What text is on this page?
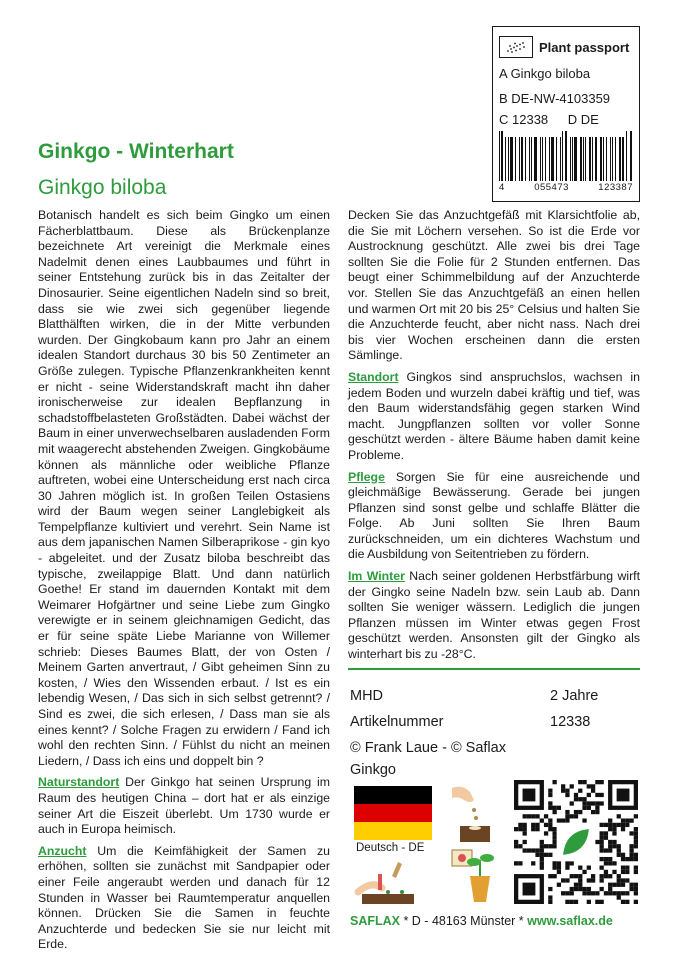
Plant passport
A Ginkgo biloba
B DE-NW-4103359
C 12338 D DE
4	055473	123387
Ginkgo - Winterhart
Ginkgo biloba

Botanisch handelt es sich beim Gingko um einen Fächerblattbaum. Diese als Brückenplanze bezeichnete Art vereinigt die Merkmale eines Nadelmit denen eines Laubbaumes und führt in seiner Entstehung zurück bis in das Zeitalter der Dinosaurier. Seine eigentlichen Nadeln sind so breit, dass sie wie zwei sich gegenüber liegende Blatthälften wirken, die in der Mitte verbunden wurden. Der Gingkobaum kann pro Jahr an einem idealen Standort durchaus 30 bis 50 Zentimeter an Größe zulegen. Typische Pflanzenkrankheiten kennt er nicht - seine Widerstandskraft macht ihn daher ironischerweise zur idealen Bepflanzung in schadstoffbelasteten Großstädten. Dabei wächst der Baum in einer unverwechselbaren ausladenden Form mit waagerecht abstehenden Zweigen. Gingkobäume können als männliche oder weibliche Pflanze auftreten, wobei eine Unterscheidung erst nach circa 30 Jahren möglich ist. In großen Teilen Ostasiens wird der Baum wegen seiner Langlebigkeit als Tempelpflanze kultiviert und verehrt. Sein Name ist aus dem japanischen Namen Silberaprikose - gin kyo - abgeleitet. und der Zusatz biloba beschreibt das typische, zweilappige Blatt. Und dann natürlich Goethe! Er stand im dauernden Kontakt mit dem Weimarer Hofgärtner und seine Liebe zum Gingko verewigte er in seinem gleichnamigen Gedicht, das er für seine späte Liebe Marianne von Willemer schrieb: Dieses Baumes Blatt, der von Osten / Meinem Garten anvertraut, / Gibt geheimen Sinn zu kosten, / Wies den Wissenden erbaut. / Ist es ein lebendig Wesen, / Das sich in sich selbst getrennt? / Sind es zwei, die sich erlesen, / Dass man sie als eines kennt? / Solche Fragen zu erwidern / Fand ich wohl den rechten Sinn. / Fühlst du nicht an meinen Liedern, / Dass ich eins und doppelt bin ?

Naturstandort Der Ginkgo hat seinen Ursprung im Raum des heutigen China – dort hat er als einzige seiner Art die Eiszeit überlebt. Um 1730 wurde er auch in Europa heimisch.

Anzucht Um die Keimfähigkeit der Samen zu erhöhen, sollten sie zunächst mit Sandpapier oder einer Feile angeraubt werden und danach für 12 Stunden in Wasser bei Raumtemperatur anquellen können. Drücken Sie die Samen in feuchte Anzuchterde und bedecken Sie sie nur leicht mit Erde.

Decken Sie das Anzuchtgefäß mit Klarsichtfolie ab, die Sie mit Löchern versehen. So ist die Erde vor Austrocknung geschützt. Alle zwei bis drei Tage sollten Sie die Folie für 2 Stunden entfernen. Das beugt einer Schimmelbildung auf der Anzuchterde vor. Stellen Sie das Anzuchtgefäß an einen hellen und warmen Ort mit 20 bis 25° Celsius und halten Sie die Anzuchterde feucht, aber nicht nass. Nach drei bis vier Wochen erscheinen dann die ersten Sämlinge.

Standort Gingkos sind anspruchslos, wachsen in jedem Boden und wurzeln dabei kräftig und tief, was den Baum widerstandsfähig gegen starken Wind macht. Jungpflanzen sollten vor voller Sonne geschützt werden - ältere Bäume haben damit keine Probleme.

Pflege Sorgen Sie für eine ausreichende und gleichmäßige Bewässerung. Gerade bei jungen Pflanzen sind sonst gelbe und schlaffe Blätter die Folge. Ab Juni sollten Sie Ihren Baum zurückschneiden, um ein dichteres Wachstum und die Ausbildung von Seitentrieben zu fördern.

Im Winter Nach seiner goldenen Herbstfärbung wirft der Gingko seine Nadeln bzw. sein Laub ab. Dann sollten Sie weniger wässern. Lediglich die jungen Pflanzen müssen im Winter etwas gegen Frost geschützt werden. Ansonsten gilt der Gingko als winterhart bis zu -28°C.

MHD	2 Jahre
Artikelnummer	12338
© Frank Laue - © Saflax
Ginkgo
Deutsch - DE
SAFLAX * D - 48163 Münster * www.saflax.de
